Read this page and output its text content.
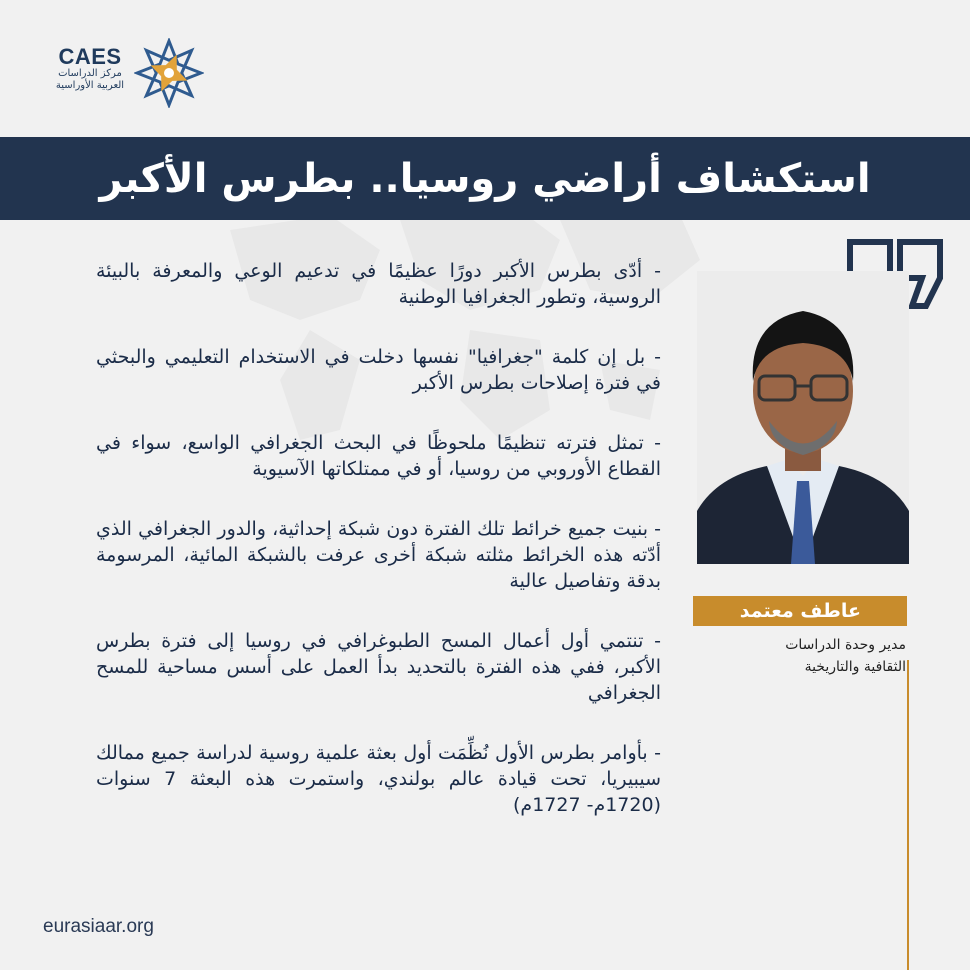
CAES
مركز الدراسات
العربية الأوراسية
استكشاف أراضي روسيا.. بطرس الأكبر
عاطف معتمد
مدير وحدة الدراسات
الثقافية والتاريخية

- أدّى بطرس الأكبر دورًا عظيمًا في تدعيم الوعي والمعرفة بالبيئة الروسية، وتطور الجغرافيا الوطنية

- بل إن كلمة "جغرافيا" نفسها دخلت في الاستخدام التعليمي والبحثي في فترة إصلاحات بطرس الأكبر

- تمثل فترته تنظيمًا ملحوظًا في البحث الجغرافي الواسع، سواء في القطاع الأوروبي من روسيا، أو في ممتلكاتها الآسيوية

- بنيت جميع خرائط تلك الفترة دون شبكة إحداثية، والدور الجغرافي الذي أدّته هذه الخرائط مثلته شبكة أخرى عرفت بالشبكة المائية، المرسومة بدقة وتفاصيل عالية

- تنتمي أول أعمال المسح الطبوغرافي في روسيا إلى فترة بطرس الأكبر، ففي هذه الفترة بالتحديد بدأ العمل على أسس مساحية للمسح الجغرافي

- بأوامر بطرس الأول نُظِّمَت أول بعثة علمية روسية لدراسة جميع ممالك سيبيريا، تحت قيادة عالم بولندي، واستمرت هذه البعثة 7 سنوات (1720م- 1727م)

eurasiaar.org
